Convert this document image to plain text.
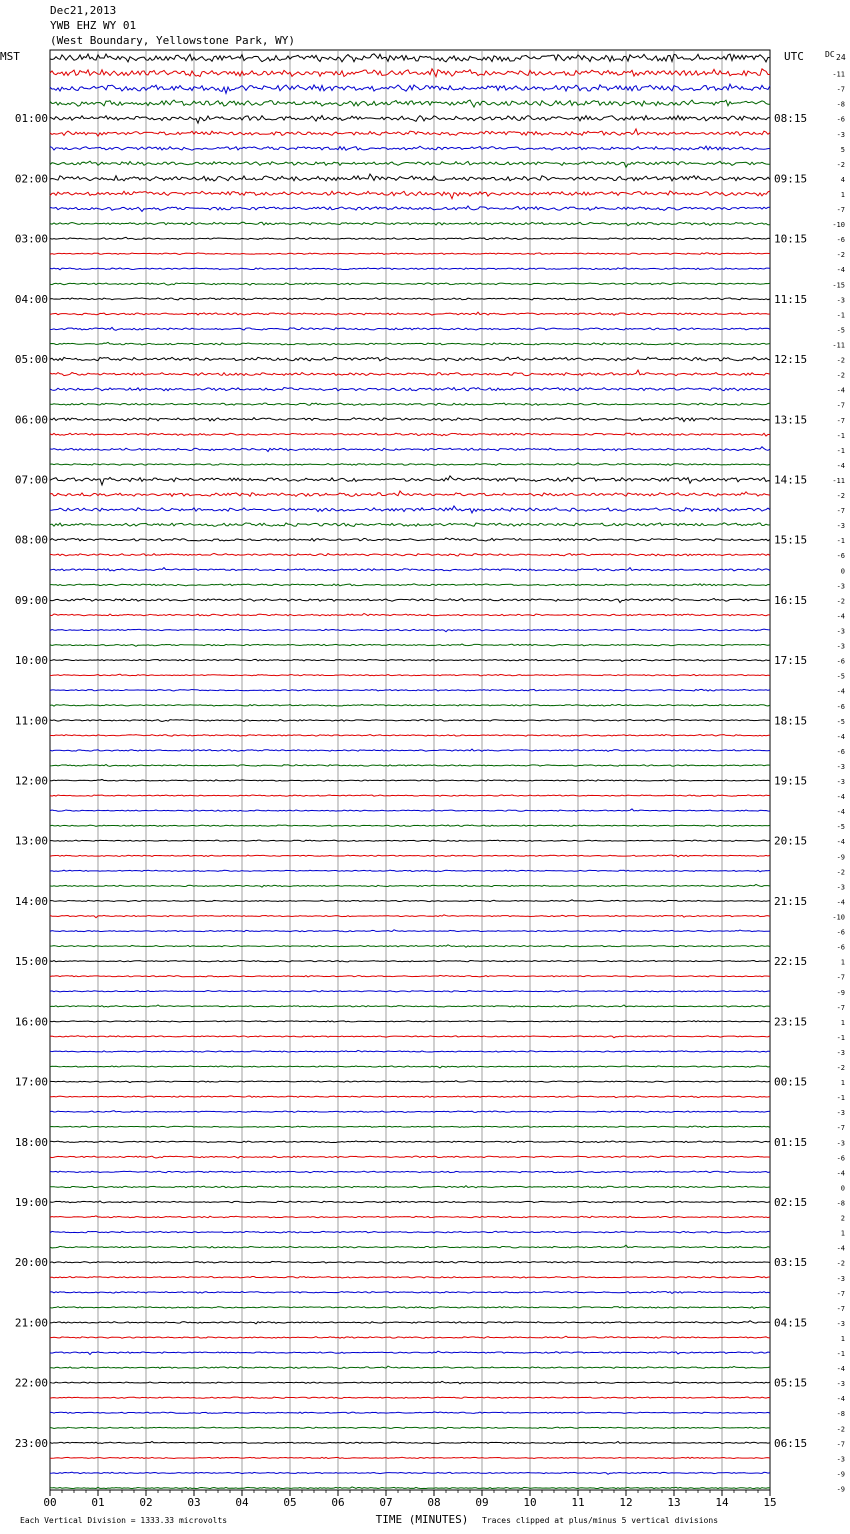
Dec21,2013
YWB EHZ WY 01
(West Boundary, Yellowstone Park, WY)
00	01	02	03	04	05	06	07	08	09	10	11	12	13	14	15
MST	UTC	DC 24
Each Vertical Division = 1333.33 microvolts	TIME (MINUTES) Traces clipped at plus/minus 5 vertical divisions
-11
-7
-8
-6
-3
01:00	08:15
5
-2
4
1
02:00	09:15
-7
-10
-6
-2
03:00	10:15
-4
-15
-3
-1
04:00	11:15
-5
-11
-2
-2
05:00	12:15
-4
-7
-7
-1
06:00	13:15
-1
-4
-11
-2
07:00	14:15
-7
-3
-1
-6
08:00	15:15
0
-3
-2
-4
09:00	16:15
-3
-3
-6
-5
10:00	17:15
-4
-6
-5
-4
11:00	18:15
-6
-3
-3
-4
12:00	19:15
-4
-5
-4
-9
13:00	20:15
-2
-3
-4
-10
14:00	21:15
-6
-6
1
-7
15:00	22:15
-9
-7
1
-1
16:00	23:15
-3
-2
1
-1
17:00	00:15
-3
-7
-3
-6
18:00	01:15
-4
0
-8
2
19:00	02:15
1
-4
-2
-3
20:00	03:15
-7
-7
-3
1
21:00	04:15
-1
-4
-3
-4
22:00	05:15
-8
-2
-7
-3
23:00	06:15
-9
-9
